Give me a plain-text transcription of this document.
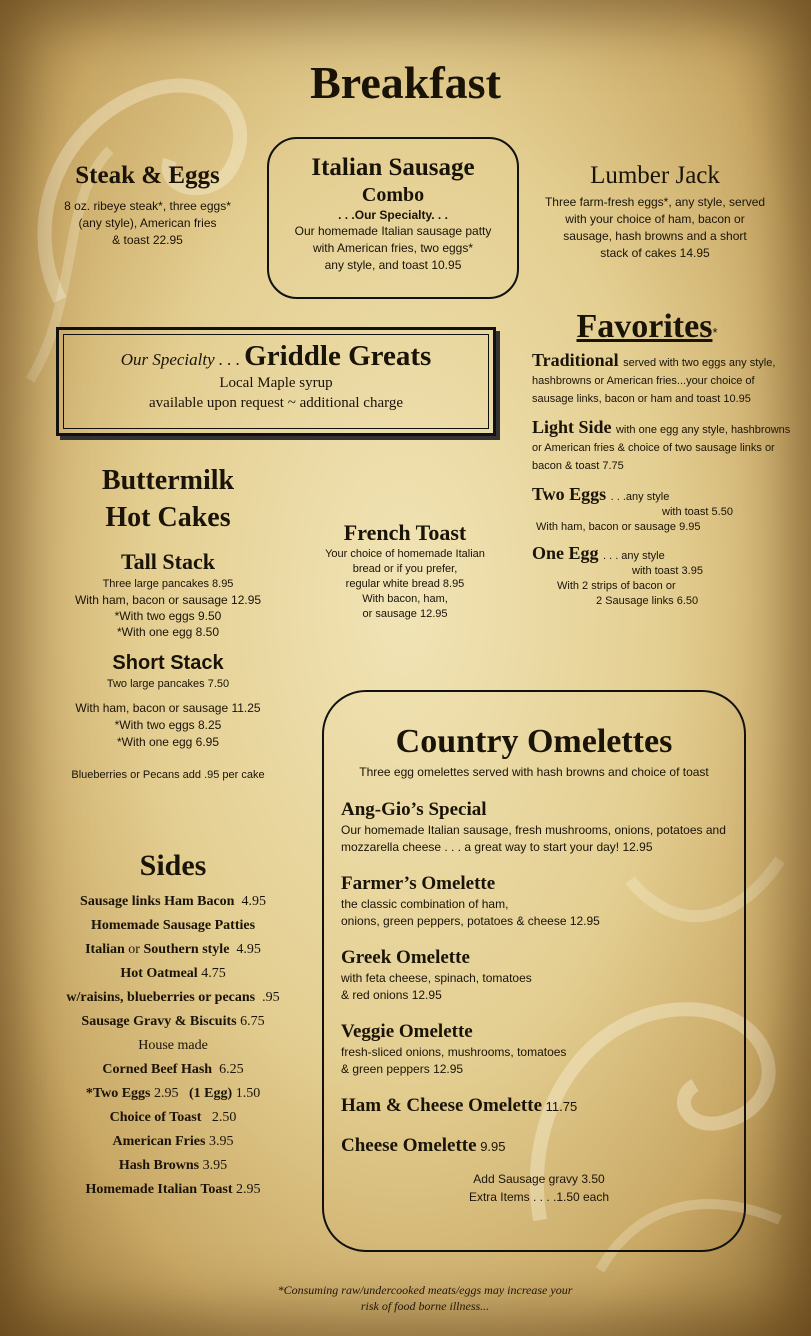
Breakfast
Steak & Eggs
8 oz. ribeye steak*, three eggs*
(any style), American fries
& toast 22.95
Italian Sausage
Combo
. . .Our Specialty. . .
Our homemade Italian sausage patty
with American fries, two eggs*
any style, and toast 10.95
Lumber Jack
Three farm-fresh eggs*, any style, served
with your choice of ham, bacon or
sausage, hash browns and a short
stack of cakes 14.95
Our Specialty . . . Griddle Greats
Local Maple syrup
available upon request ~ additional charge
Favorites*
Traditional served with two eggs any style, hashbrowns or American fries...your choice of sausage links, bacon or ham and toast 10.95
Light Side with one egg any style, hashbrowns or American fries & choice of two sausage links or bacon & toast 7.75
Two Eggs . . .any style
with toast 5.50
With ham, bacon or sausage 9.95
One Egg . . . any style
with toast 3.95
With 2 strips of bacon or
2 Sausage links 6.50
Buttermilk
Hot Cakes
Tall Stack
Three large pancakes 8.95
With ham, bacon or sausage 12.95
*With two eggs 9.50
*With one egg 8.50
Short Stack
Two large pancakes 7.50
With ham, bacon or sausage 11.25
*With two eggs 8.25
*With one egg 6.95
Blueberries or Pecans add .95 per cake
French Toast
Your choice of homemade Italian
bread or if you prefer,
regular white bread 8.95
With bacon, ham,
or sausage 12.95
Sides
Sausage links Ham Bacon  4.95
Homemade Sausage Patties
Italian or Southern style  4.95
Hot Oatmeal 4.75
w/raisins, blueberries or pecans  .95
Sausage Gravy & Biscuits 6.75
House made
Corned Beef Hash  6.25
*Two Eggs 2.95   (1 Egg) 1.50
Choice of Toast   2.50
American Fries 3.95
Hash Browns 3.95
Homemade Italian Toast 2.95
Country Omelettes
Three egg omelettes served with hash browns and choice of toast
Ang-Gio’s Special
Our homemade Italian sausage, fresh mushrooms, onions, potatoes and
mozzarella cheese . . . a great way to start your day! 12.95
Farmer’s Omelette
the classic combination of ham,
onions, green peppers, potatoes & cheese 12.95
Greek Omelette
with feta cheese, spinach, tomatoes
& red onions 12.95
Veggie Omelette
fresh-sliced onions, mushrooms, tomatoes
& green peppers 12.95
Ham & Cheese Omelette 11.75
Cheese Omelette 9.95
Add Sausage gravy 3.50
Extra Items . . . .1.50 each
*Consuming raw/undercooked meats/eggs may increase your
risk of food borne illness...
